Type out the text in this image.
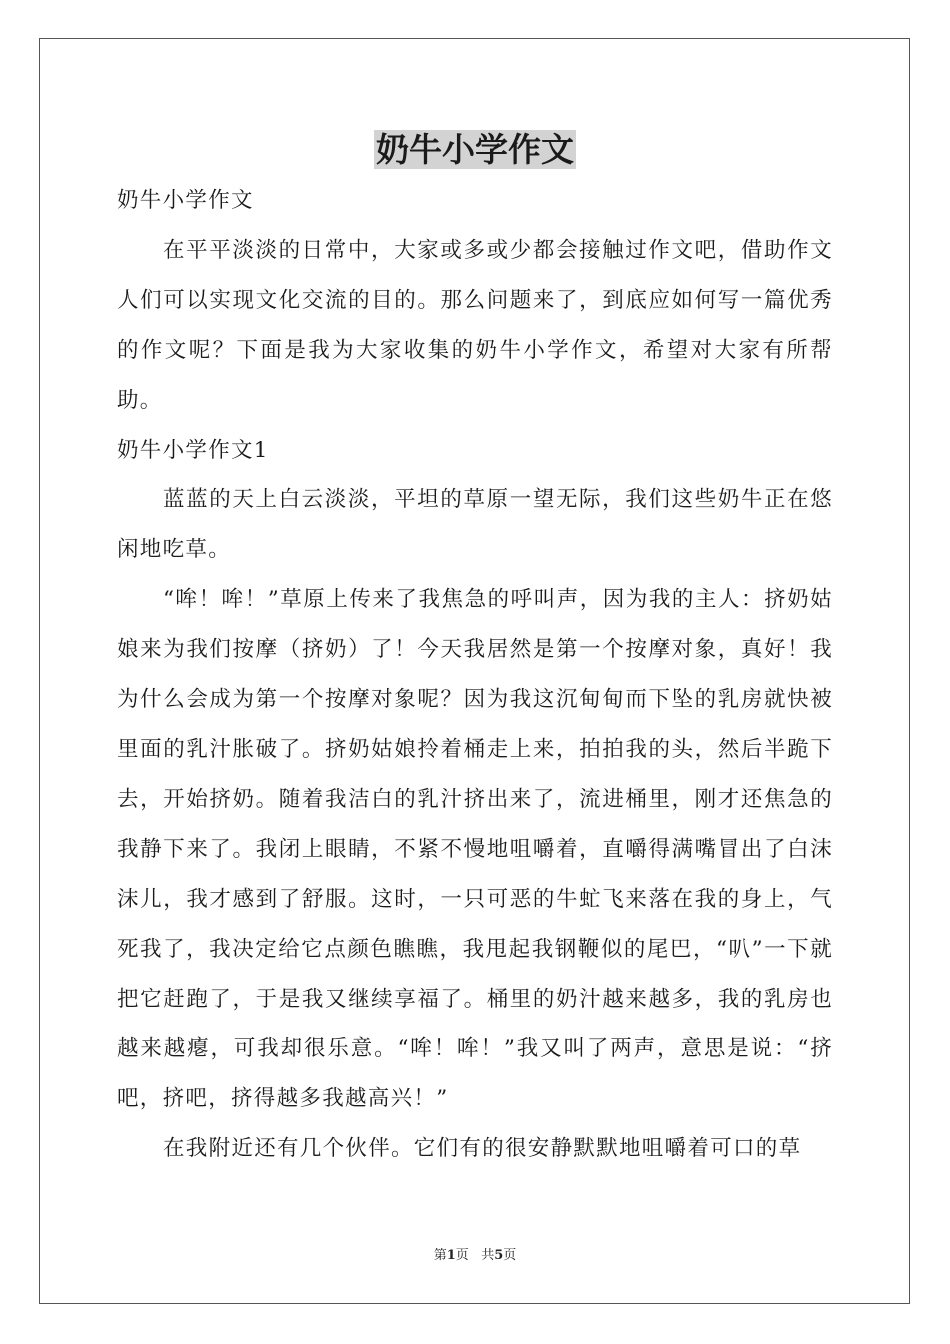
奶牛小学作文

奶牛小学作文

在平平淡淡的日常中，大家或多或少都会接触过作文吧，借助作文人们可以实现文化交流的目的。那么问题来了，到底应如何写一篇优秀的作文呢？下面是我为大家收集的奶牛小学作文，希望对大家有所帮助。

奶牛小学作文1

蓝蓝的天上白云淡淡，平坦的草原一望无际，我们这些奶牛正在悠闲地吃草。

“哞！哞！”草原上传来了我焦急的呼叫声，因为我的主人：挤奶姑娘来为我们按摩（挤奶）了！今天我居然是第一个按摩对象，真好！我为什么会成为第一个按摩对象呢？因为我这沉甸甸而下坠的乳房就快被里面的乳汁胀破了。挤奶姑娘拎着桶走上来，拍拍我的头，然后半跪下去，开始挤奶。随着我洁白的乳汁挤出来了，流进桶里，刚才还焦急的我静下来了。我闭上眼睛，不紧不慢地咀嚼着，直嚼得满嘴冒出了白沫沫儿，我才感到了舒服。这时，一只可恶的牛虻飞来落在我的身上，气死我了，我决定给它点颜色瞧瞧，我甩起我钢鞭似的尾巴，“叭”一下就把它赶跑了，于是我又继续享福了。桶里的奶汁越来越多，我的乳房也越来越瘪，可我却很乐意。“哞！哞！”我又叫了两声，意思是说：“挤吧，挤吧，挤得越多我越高兴！”

在我附近还有几个伙伴。它们有的很安静默默地咀嚼着可口的草

第1页 共5页
